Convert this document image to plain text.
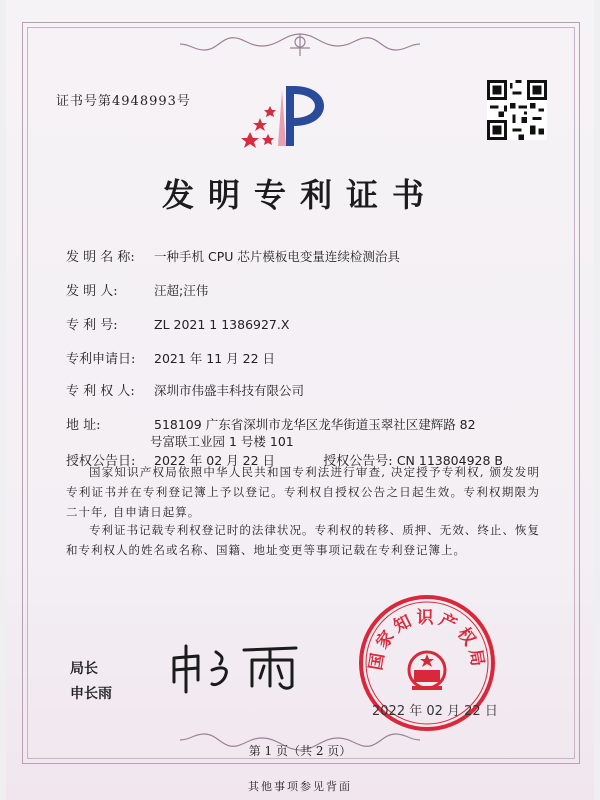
证书号第4948993号
发明专利证书
发 明 名 称: 一种手机 CPU 芯片模板电变量连续检测治具
发 明 人:	汪超;汪伟
专 利 号:	ZL 2021 1 1386927.X
专利申请日: 2021 年 11 月 22 日
专 利 权 人: 深圳市伟盛丰科技有限公司
地 址:	518109 广东省深圳市龙华区龙华街道玉翠社区建辉路 82
号富联工业园 1 号楼 101
授权公告日: 2022 年 02 月 22 日	授权公告号: CN 113804928 B
国家知识产权局依照中华人民共和国专利法进行审查, 决定授予专利权, 颁发发明专利证书并在专利登记簿上予以登记。专利权自授权公告之日起生效。专利权期限为二十年, 自申请日起算。
专利证书记载专利权登记时的法律状况。专利权的转移、质押、无效、终止、恢复和专利权人的姓名或名称、国籍、地址变更等事项记载在专利登记簿上。
局长
申长雨
国家知识产权局
2022 年 02 月 22 日
第 1 页（共 2 页）
其他事项参见背面
